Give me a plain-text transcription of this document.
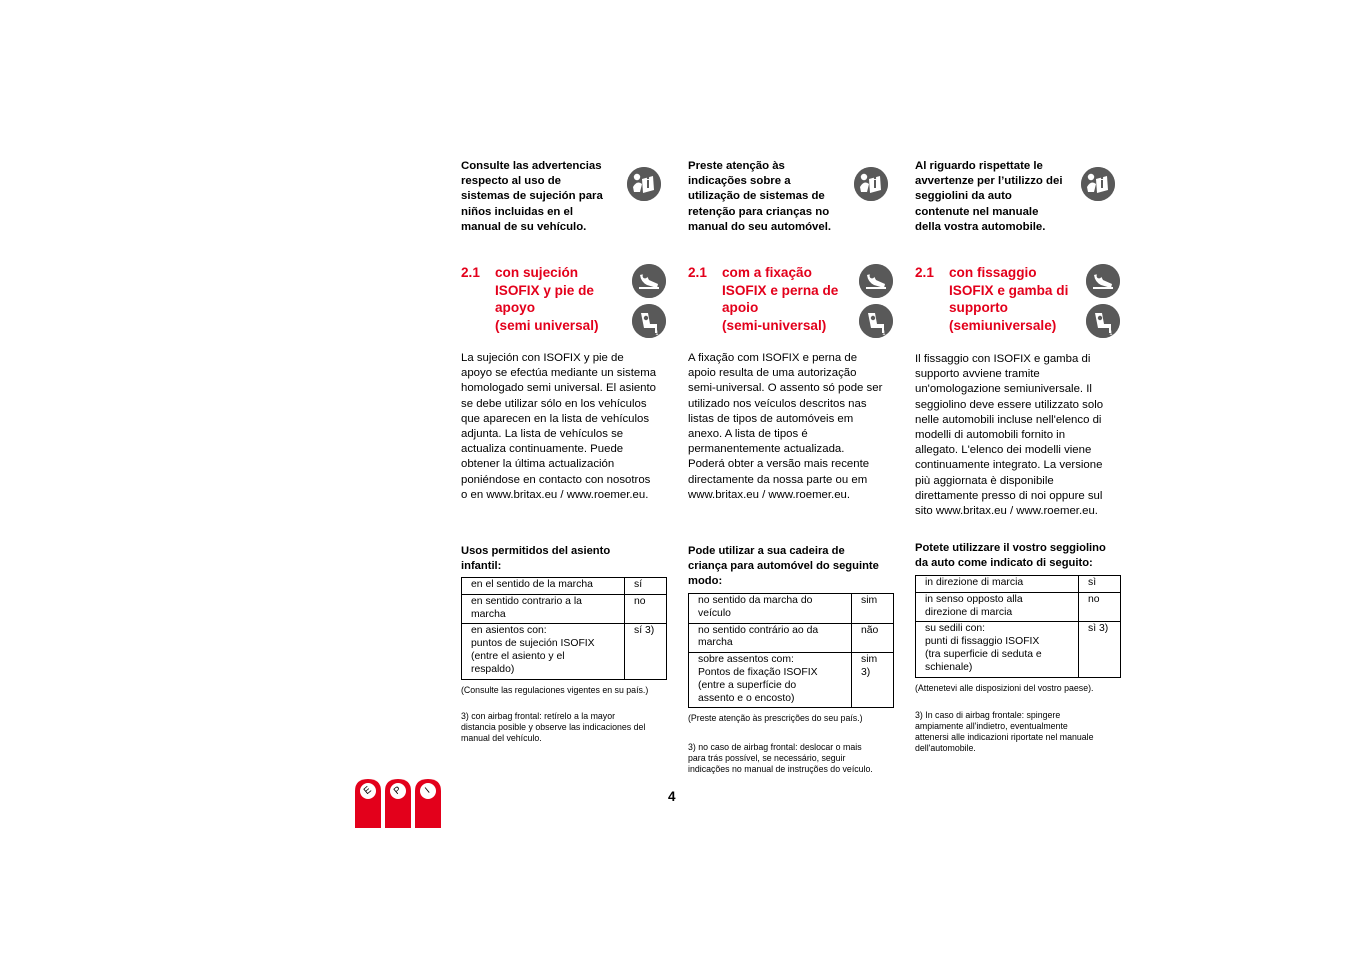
Consulte las advertencias
respecto al uso de
sistemas de sujeción para
niños incluidas en el
manual de su vehículo.
2.1 con sujeción
ISOFIX y pie de
apoyo
(semi universal)
1
La sujeción con ISOFIX y pie de
apoyo se efectúa mediante un sistema
homologado semi universal. El asiento
se debe utilizar sólo en los vehículos
que aparecen en la lista de vehículos
adjunta. La lista de vehículos se
actualiza continuamente. Puede
obtener la última actualización
poniéndose en contacto con nosotros
o en www.britax.eu / www.roemer.eu.
Usos permitidos del asiento
infantil:
en el sentido de la marcha	sí
en sentido contrario a la
marcha	no
en asientos con:
puntos de sujeción ISOFIX
(entre el asiento y el
respaldo)	sí 3)
(Consulte las regulaciones vigentes en su país.)
3) con airbag frontal: retírelo a la mayor
distancia posible y observe las indicaciones del
manual del vehículo.
Preste atenção às
indicações sobre a
utilização de sistemas de
retenção para crianças no
manual do seu automóvel.
2.1 com a fixação
ISOFIX e perna de
apoio
(semi-universal)
1
A fixação com ISOFIX e perna de
apoio resulta de uma autorização
semi-universal. O assento só pode ser
utilizado nos veículos descritos nas
listas de tipos de automóveis em
anexo. A lista de tipos é
permanentemente actualizada.
Poderá obter a versão mais recente
directamente da nossa parte ou em
www.britax.eu / www.roemer.eu.
Pode utilizar a sua cadeira de
criança para automóvel do seguinte
modo:
no sentido da marcha do
veículo	sim
no sentido contrário ao da
marcha	não
sobre assentos com:
Pontos de fixação ISOFIX
(entre a superfície do
assento e o encosto)	sim
3)
(Preste atenção às prescrições do seu país.)
3) no caso de airbag frontal: deslocar o mais
para trás possível, se necessário, seguir
indicações no manual de instruções do veículo.
Al riguardo rispettate le
avvertenze per l’utilizzo dei
seggiolini da auto
contenute nel manuale
della vostra automobile.
2.1 con fissaggio
ISOFIX e gamba di
supporto
(semiuniversale)
1
Il fissaggio con ISOFIX e gamba di
supporto avviene tramite
un'omologazione semiuniversale. Il
seggiolino deve essere utilizzato solo
nelle automobili incluse nell'elenco di
modelli di automobili fornito in
allegato. L'elenco dei modelli viene
continuamente integrato. La versione
più aggiornata è disponibile
direttamente presso di noi oppure sul
sito www.britax.eu / www.roemer.eu.
Potete utilizzare il vostro seggiolino
da auto come indicato di seguito:
in direzione di marcia	sì
in senso opposto alla
direzione di marcia	no
su sedili con:
punti di fissaggio ISOFIX
(tra superficie di seduta e
schienale)	sì 3)
(Attenetevi alle disposizioni del vostro paese).
3) In caso di airbag frontale: spingere
ampiamente all'indietro, eventualmente
attenersi alle indicazioni riportate nel manuale
dell'automobile.
4
E P	I
